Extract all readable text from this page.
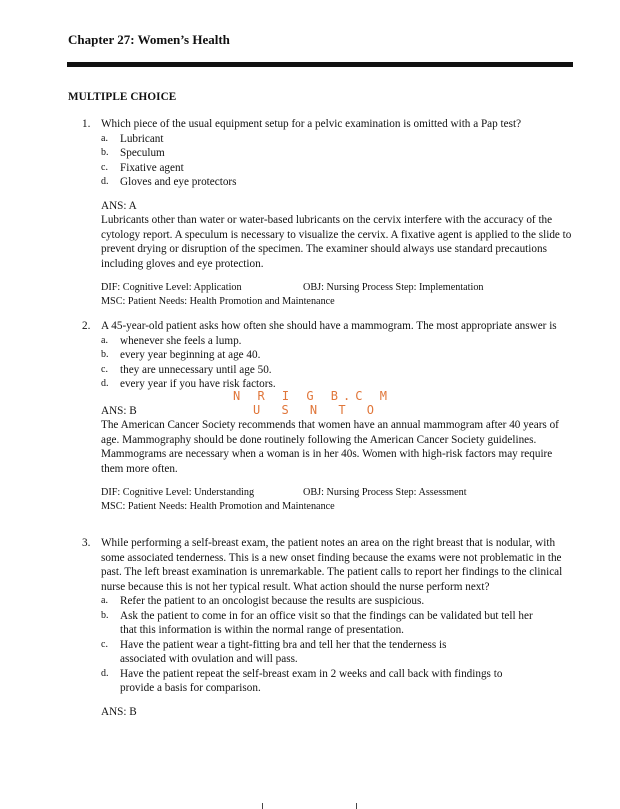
Chapter 27: Women’s Health
MULTIPLE CHOICE
1. Which piece of the usual equipment setup for a pelvic examination is omitted with a Pap test?
a. Lubricant
b. Speculum
c. Fixative agent
d. Gloves and eye protectors
ANS: A
Lubricants other than water or water-based lubricants on the cervix interfere with the accuracy of the cytology report. A speculum is necessary to visualize the cervix. A fixative agent is applied to the slide to prevent drying or disruption of the specimen. The examiner should always use standard precautions including gloves and eye protection.
DIF: Cognitive Level: Application	OBJ: Nursing Process Step: Implementation
MSC: Patient Needs: Health Promotion and Maintenance
2. A 45-year-old patient asks how often she should have a mammogram. The most appropriate answer is
a. whenever she feels a lump.
b. every year beginning at age 40.
c. they are unnecessary until age 50.
d. every year if you have risk factors.
ANS: B
The American Cancer Society recommends that women have an annual mammogram after 40 years of age. Mammography should be done routinely following the American Cancer Society guidelines. Mammograms are necessary when a woman is in her 40s. Women with high-risk factors may require them more often.
DIF: Cognitive Level: Understanding	OBJ: Nursing Process Step: Assessment
MSC: Patient Needs: Health Promotion and Maintenance
3. While performing a self-breast exam, the patient notes an area on the right breast that is nodular, with some associated tenderness. This is a new onset finding because the exams were not problematic in the past. The left breast examination is unremarkable. The patient calls to report her findings to the clinical nurse because this is not her typical result. What action should the nurse perform next?
a. Refer the patient to an oncologist because the results are suspicious.
b. Ask the patient to come in for an office visit so that the findings can be validated but tell her that this information is within the normal range of presentation.
c. Have the patient wear a tight-fitting bra and tell her that the tenderness is associated with ovulation and will pass.
d. Have the patient repeat the self-breast exam in 2 weeks and call back with findings to provide a basis for comparison.
ANS: B
N R I G B.C M
U S N T O
